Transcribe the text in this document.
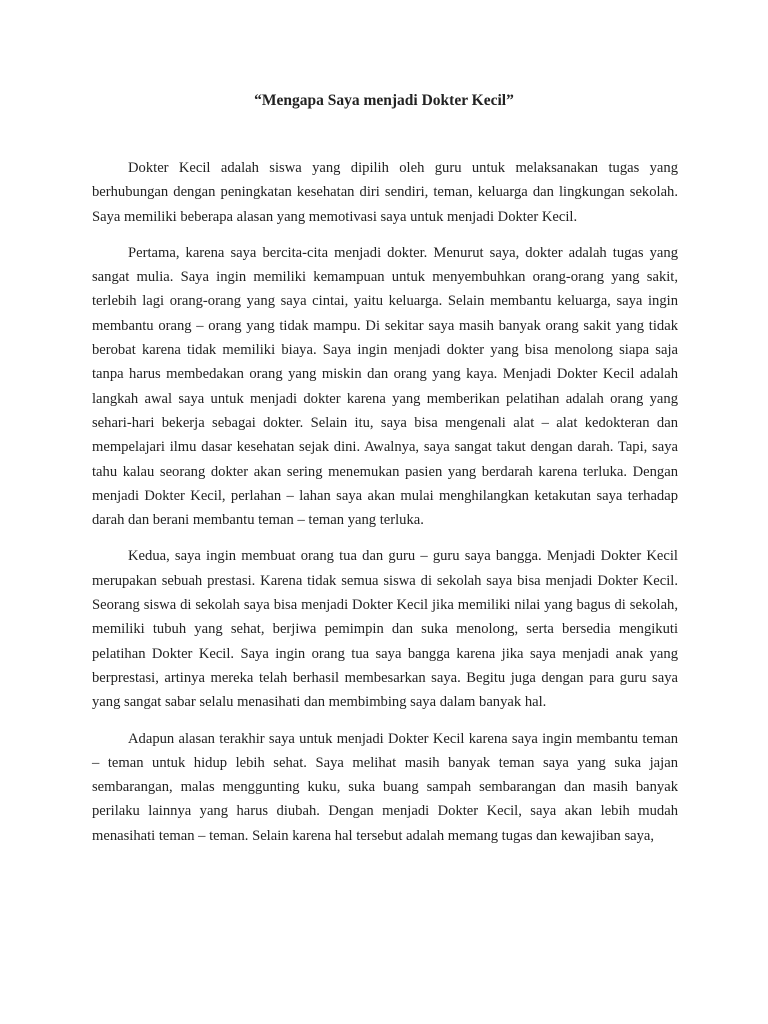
“Mengapa Saya menjadi Dokter Kecil”

Dokter Kecil adalah siswa yang dipilih oleh guru untuk melaksanakan tugas yang berhubungan dengan peningkatan kesehatan diri sendiri, teman, keluarga dan lingkungan sekolah. Saya memiliki beberapa alasan yang memotivasi saya untuk menjadi Dokter Kecil.

Pertama, karena saya bercita-cita menjadi dokter. Menurut saya, dokter adalah tugas yang sangat mulia. Saya ingin memiliki kemampuan untuk menyembuhkan orang-orang yang sakit, terlebih lagi orang-orang yang saya cintai, yaitu keluarga. Selain membantu keluarga, saya ingin membantu orang – orang yang tidak mampu. Di sekitar saya masih banyak orang sakit yang tidak berobat karena tidak memiliki biaya. Saya ingin menjadi dokter yang bisa menolong siapa saja tanpa harus membedakan orang yang miskin dan orang yang kaya. Menjadi Dokter Kecil adalah langkah awal saya untuk menjadi dokter karena yang memberikan pelatihan adalah orang yang sehari-hari bekerja sebagai dokter. Selain itu, saya bisa mengenali alat – alat kedokteran dan mempelajari ilmu dasar kesehatan sejak dini. Awalnya, saya sangat takut dengan darah. Tapi, saya tahu kalau seorang dokter akan sering menemukan pasien yang berdarah karena terluka. Dengan menjadi Dokter Kecil, perlahan – lahan saya akan mulai menghilangkan ketakutan saya terhadap darah dan berani membantu teman – teman yang terluka.

Kedua, saya ingin membuat orang tua dan guru – guru saya bangga. Menjadi Dokter Kecil merupakan sebuah prestasi. Karena tidak semua siswa di sekolah saya bisa menjadi Dokter Kecil. Seorang siswa di sekolah saya bisa menjadi Dokter Kecil jika memiliki nilai yang bagus di sekolah, memiliki tubuh yang sehat, berjiwa pemimpin dan suka menolong, serta bersedia mengikuti pelatihan Dokter Kecil. Saya ingin orang tua saya bangga karena jika saya menjadi anak yang berprestasi, artinya mereka telah berhasil membesarkan saya. Begitu juga dengan para guru saya yang sangat sabar selalu menasihati dan membimbing saya dalam banyak hal.

Adapun alasan terakhir saya untuk menjadi Dokter Kecil karena saya ingin membantu teman – teman untuk hidup lebih sehat. Saya melihat masih banyak teman saya yang suka jajan sembarangan, malas menggunting kuku, suka buang sampah sembarangan dan masih banyak perilaku lainnya yang harus diubah. Dengan menjadi Dokter Kecil, saya akan lebih mudah menasihati teman – teman. Selain karena hal tersebut adalah memang tugas dan kewajiban saya,
